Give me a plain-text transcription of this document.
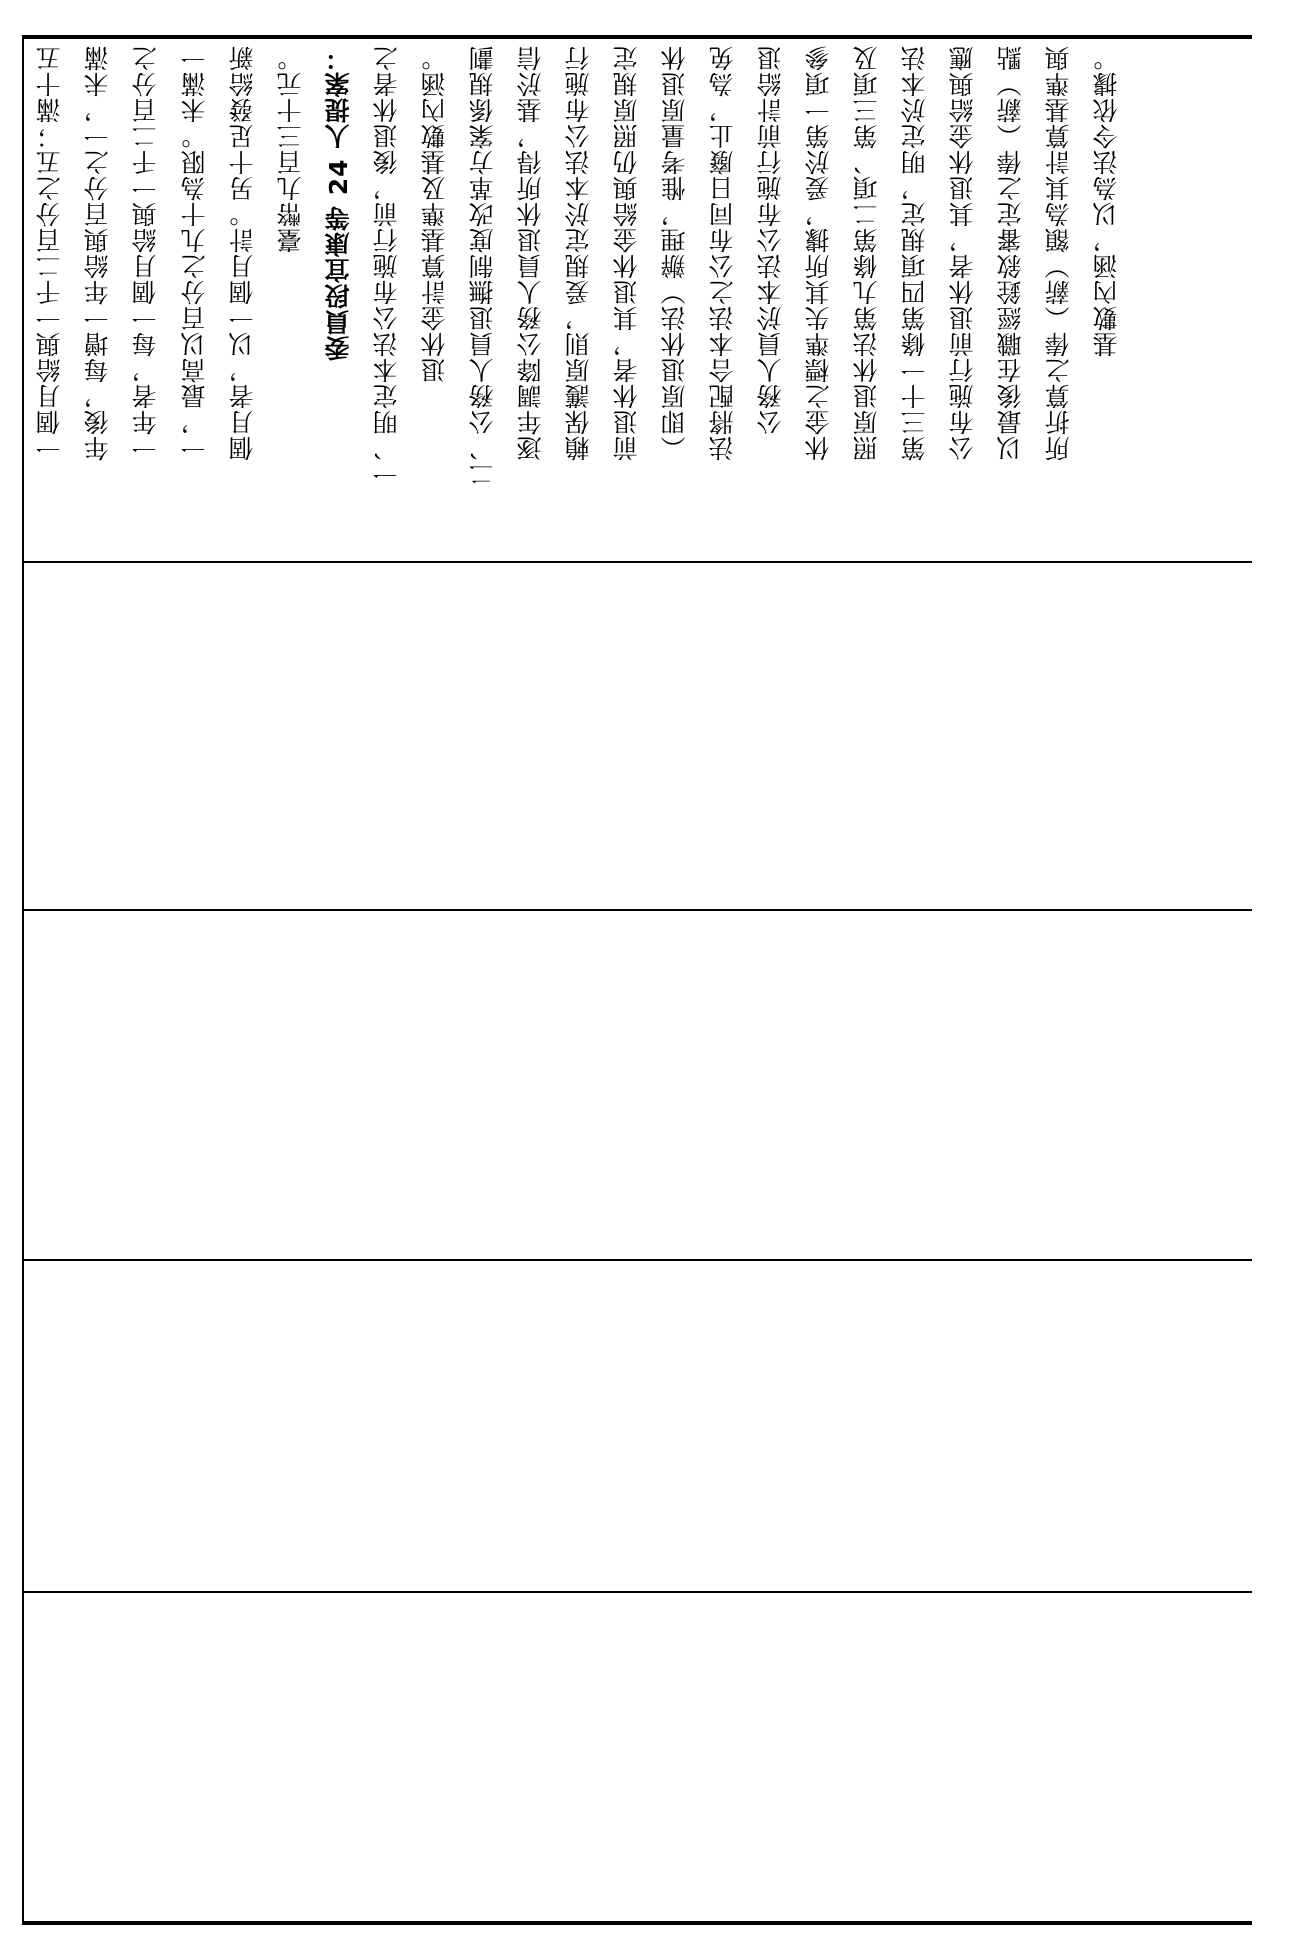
一個月給與一千二百分之五；滿十五 年後，每增一年給與百分之一，未滿 一年者，每一個月給與一千二百分之 一，最高以百分之九十為限。未滿一 個月者，以一個月計。另十足發給新 臺幣九百三十元。 委員段宜康等 24 人提案： 一、明定本法公布施行前，後退休者之 退休金計算基準及基數內涵。 二、公務人員退撫制度改革方案係規劃 逐年調降公務人員退休所得，基於信 賴保護原則，爰規定於本法公布施行 前退休者，其退休金給與仍照原規定 （即原退休法）辦理，惟考量原退休 法將配合本法之公布同日廢止，為免 公務人員於本法公布施行前計給退 休金之標準失其所據，爰於第一項參 照原退休法第九條第二項、第三項及 第三十一條第四項規定，明定於本法 公布施行前退休者，其退休金給與應 以最後在職經銓敘審定之俸（薪）點 所折算之俸（薪）額為其計算基準與 基數內涵，以為法令依據。
